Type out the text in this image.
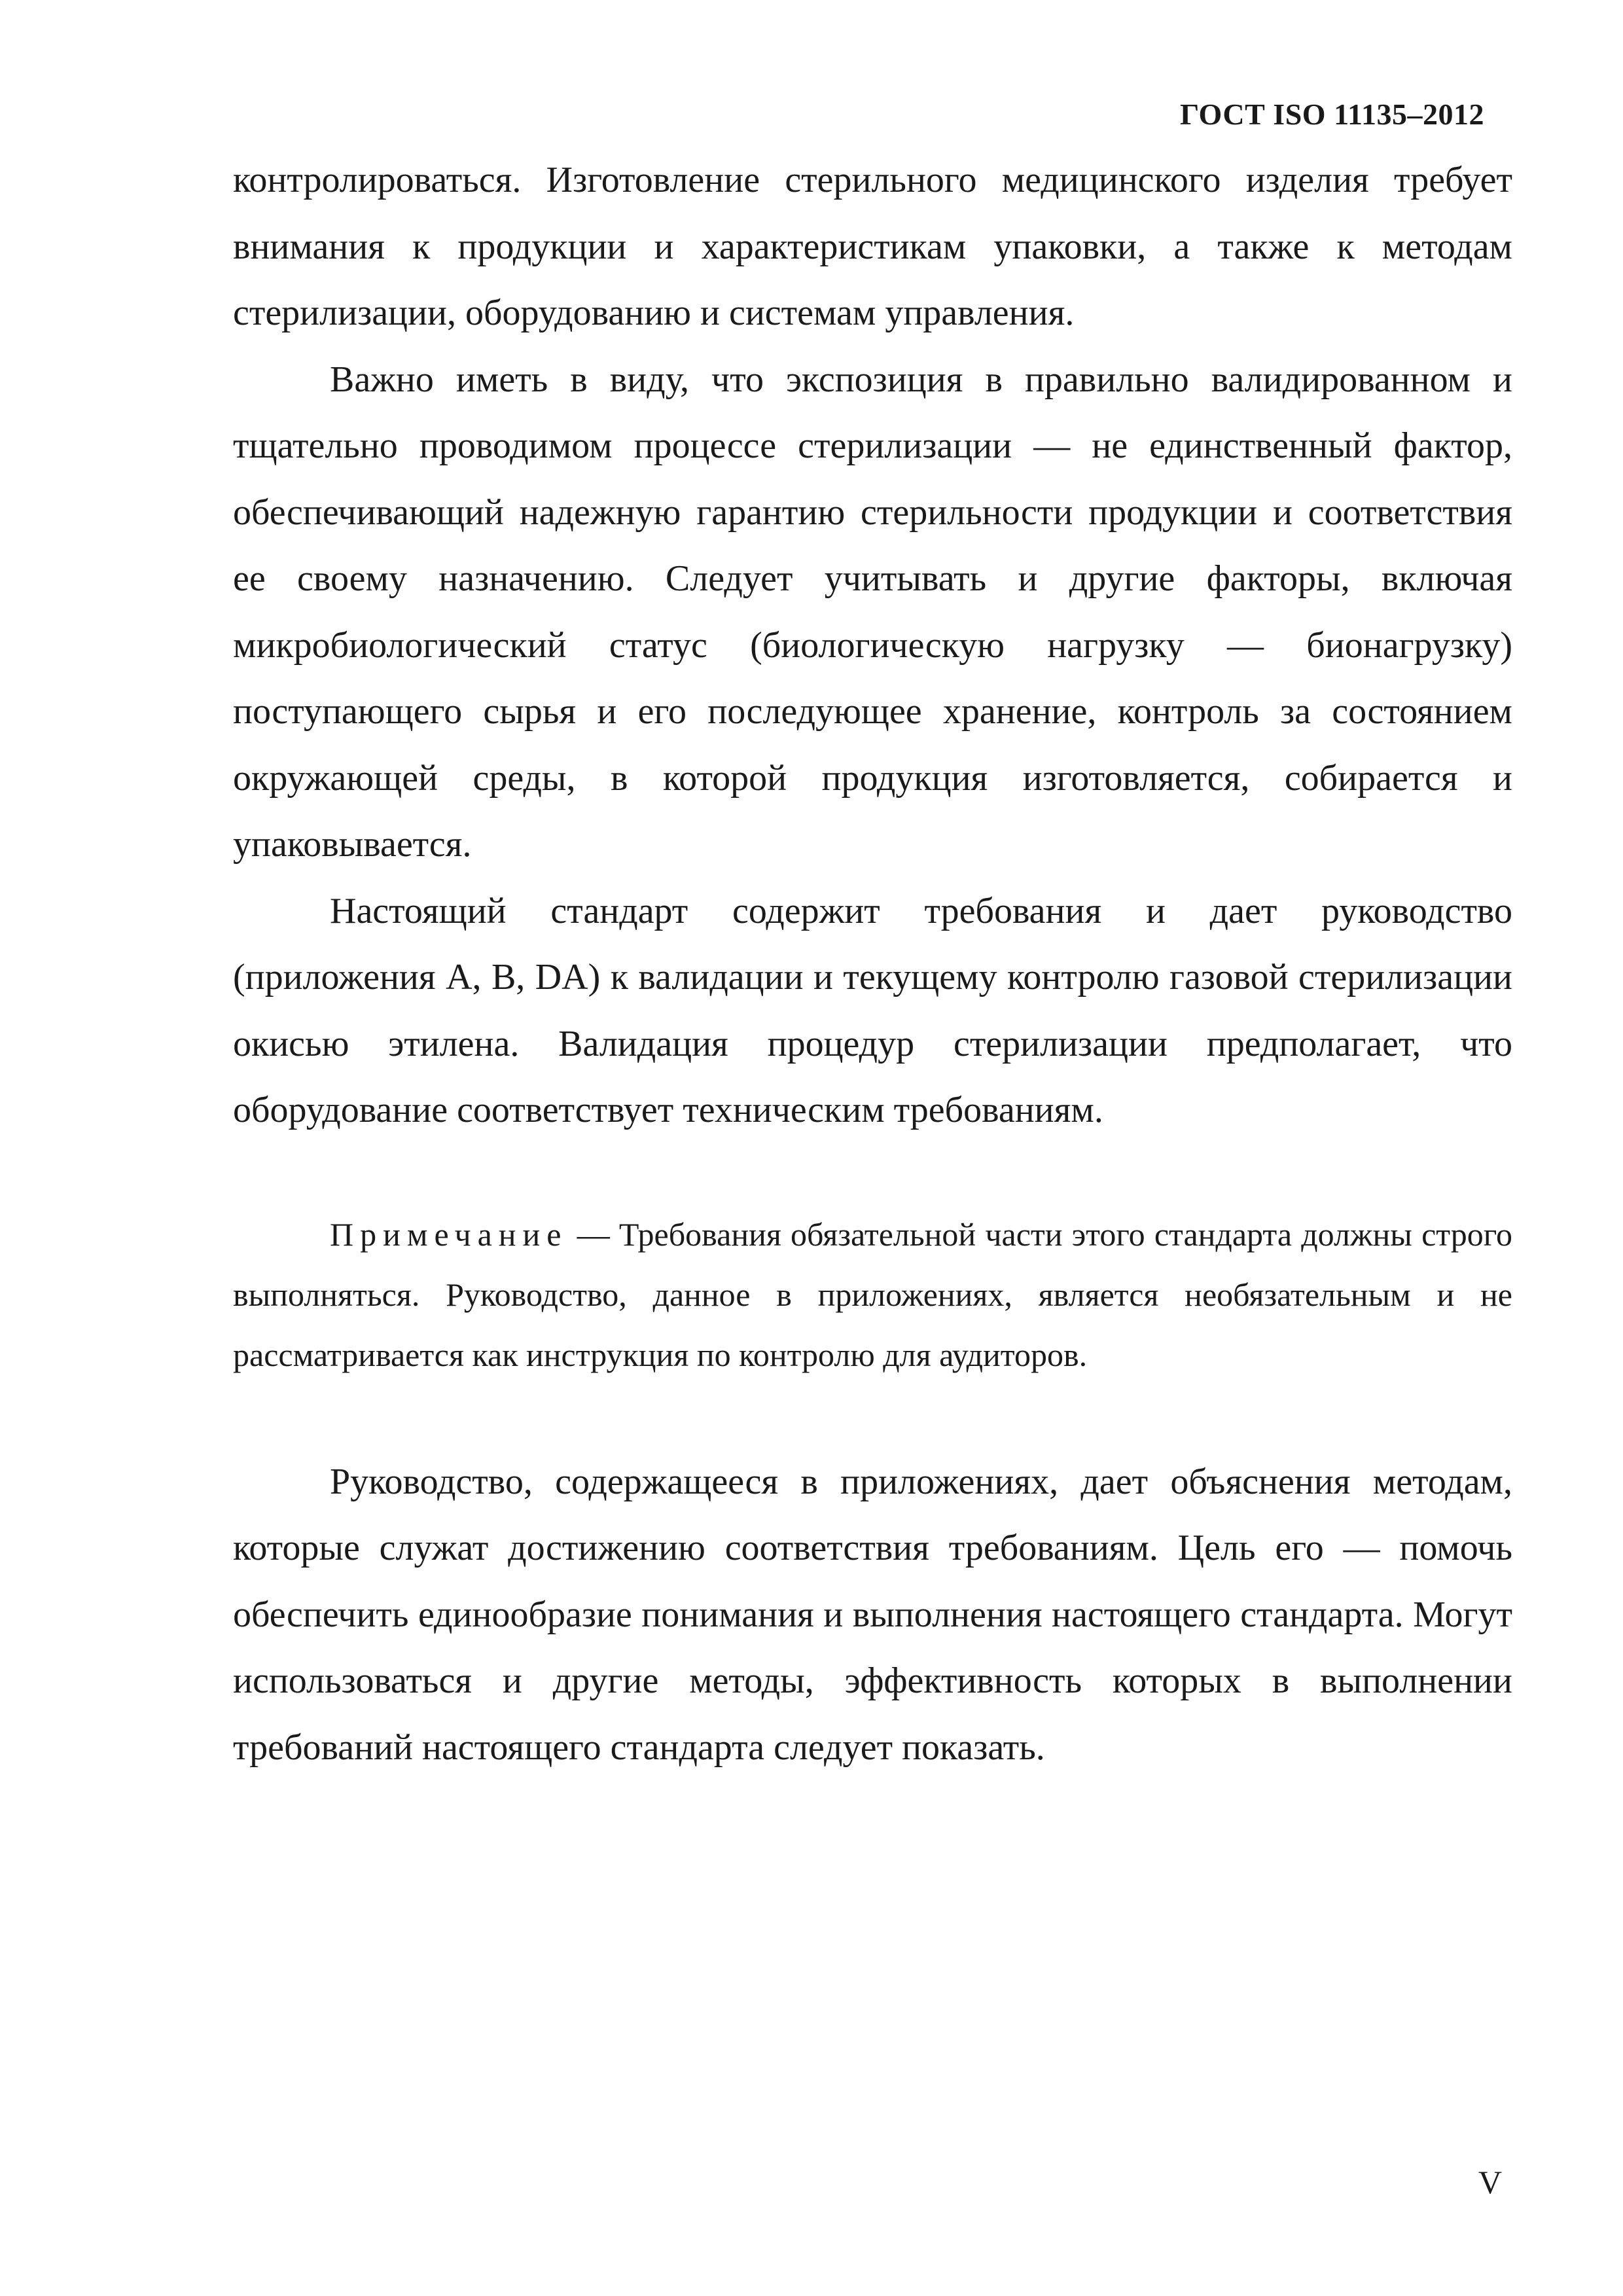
ГОСТ ISO 11135–2012

контролироваться. Изготовление стерильного медицинского изделия требует внимания к продукции и характеристикам упаковки, а также к методам стерилизации, оборудованию и системам управления.

Важно иметь в виду, что экспозиция в правильно валидированном и тщательно проводимом процессе стерилизации — не единственный фактор, обеспечивающий надежную гарантию стерильности продукции и соответствия ее своему назначению. Следует учитывать и другие факторы, включая микробиологический статус (биологическую нагрузку — бионагрузку) поступающего сырья и его последующее хранение, контроль за состоянием окружающей среды, в которой продукция изготовляется, собирается и упаковывается.

Настоящий стандарт содержит требования и дает руководство (приложения А, В, DA) к валидации и текущему контролю газовой стерилизации окисью этилена. Валидация процедур стерилизации предполагает, что оборудование соответствует техническим требованиям.

Примечание — Требования обязательной части этого стандарта должны строго выполняться. Руководство, данное в приложениях, является необязательным и не рассматривается как инструкция по контролю для аудиторов.

Руководство, содержащееся в приложениях, дает объяснения методам, которые служат достижению соответствия требованиям. Цель его — помочь обеспечить единообразие понимания и выполнения настоящего стандарта. Могут использоваться и другие методы, эффективность которых в выполнении требований настоящего стандарта следует показать.

V
